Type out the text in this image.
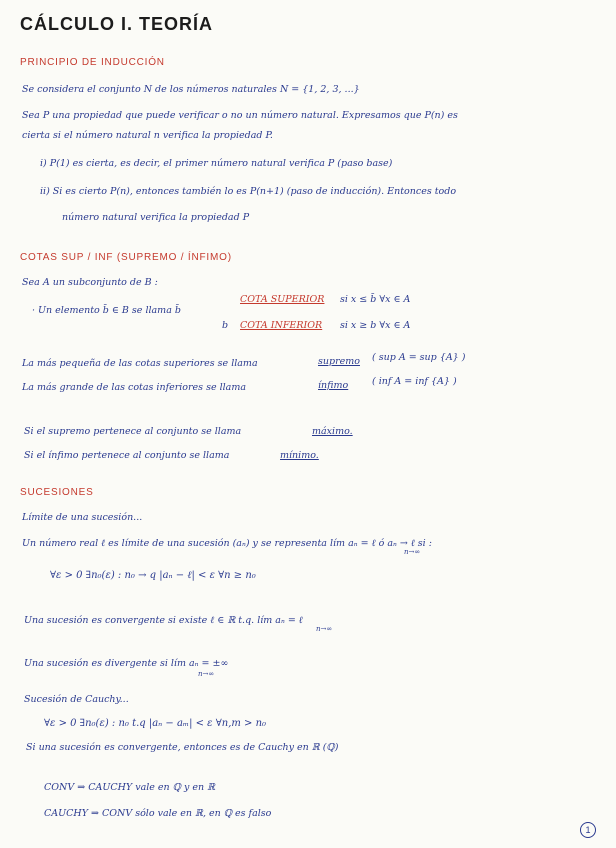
CÁLCULO I. TEORÍA
PRINCIPIO DE INDUCCIÓN
Se considera el conjunto N de los números naturales N = {1, 2, 3, ...}
Sea P una propiedad que puede verificar o no un número natural. Expresamos que P(n) es
cierta si el número natural n verifica la propiedad P.
i) P(1) es cierta, es decir, el primer número natural verifica P (paso base)
ii) Si es cierto P(n), entonces también lo es P(n+1) (paso de inducción). Entonces todo
número natural verifica la propiedad P
COTAS SUP / INF (SUPREMO / ÍNFIMO)
Sea A un subconjunto de B :
· Un elemento b̄ ∈ B se llama b̄
COTA SUPERIOR si x ≤ b̄ ∀x ∈ A
b COTA INFERIOR si x ≥ b ∀x ∈ A
La más pequeña de las cotas superiores se llama	supremo ( sup A = sup {A} )
La más grande de las cotas inferiores se llama	ínfimo	( inf A = inf {A} )
Si el supremo pertenece al conjunto se llama	máximo.
Si el ínfimo pertenece al conjunto se llama	mínimo.
SUCESIONES
Límite de una sucesión...
Un número real ℓ es límite de una sucesión (aₙ) y se representa lím aₙ = ℓ ó aₙ → ℓ si :
n→∞
∀ε > 0 ∃n₀(ε) : n₀ → q |aₙ − ℓ| < ε ∀n ≥ n₀
Una sucesión es convergente si existe ℓ ∈ ℝ t.q. lím aₙ = ℓ
n→∞
Una sucesión es divergente si lím aₙ = ±∞
n→∞
Sucesión de Cauchy...
∀ε > 0 ∃n₀(ε) : n₀ t.q |aₙ − aₘ| < ε ∀n,m > n₀
Si una sucesión es convergente, entonces es de Cauchy en ℝ (ℚ)
CONV ⇒ CAUCHY vale en ℚ y en ℝ
CAUCHY ⇒ CONV sólo vale en ℝ, en ℚ es falso
1
